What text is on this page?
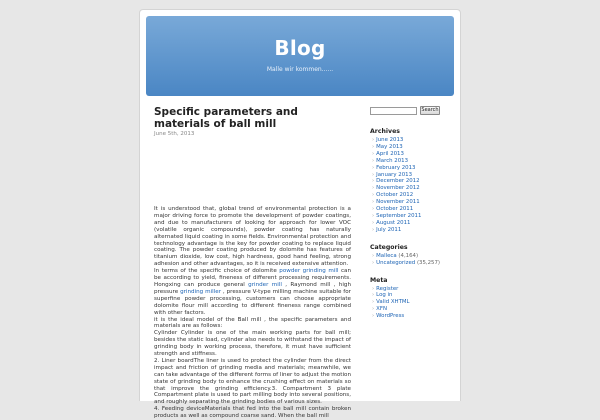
Blog
Malle wir kommen......
Specific parameters and materials of ball mill
June 5th, 2013

It is understood that, global trend of environmental protection is a major driving force to promote the development of powder coatings, and due to manufacturers of looking for approach for lower VOC (volatile organic compounds), powder coating has naturally alternated liquid coating in some fields. Environmental protection and technology advantage is the key for powder coating to replace liquid coating. The powder coating produced by dolomite has features of titanium dioxide, low cost, high hardness, good hand feeling, strong adhesion and other advantages, so it is received extensive attention.

In terms of the specific choice of dolomite powder grinding mill can be according to yield, fineness of different processing requirements. Hongxing can produce general grinder mill , Raymond mill , high pressure grinding miller , pressure V-type milling machine suitable for superfine powder processing, customers can choose appropriate dolomite flour mill according to different fineness range combined with other factors.

it is the ideal model of the Ball mill , the specific parameters and materials are as follows:

Cylinder Cylinder is one of the main working parts for ball mill; besides the static load, cylinder also needs to withstand the impact of grinding body in working process, therefore, it must have sufficient strength and stiffness.

2. Liner boardThe liner is used to protect the cylinder from the direct impact and friction of grinding media and materials; meanwhile, we can take advantage of the different forms of liner to adjust the motion state of grinding body to enhance the crushing effect on materials so that improve the grinding efficiency.3. Compartment 3 plate Compartment plate is used to part milling body into several positions, and roughly separating the grinding bodies of various sizes.

4. Feeding deviceMaterials that fed into the ball mill contain broken products as well as compound coarse sand. When the ball mill

Search
Archives
› June 2013
› May 2013
› April 2013
› March 2013
› February 2013
› January 2013
› December 2012
› November 2012
› October 2012
› November 2011
› October 2011
› September 2011
› August 2011
› July 2011
Categories
› Malleca (4,164)
› Uncategorized (35,257)
Meta
› Register
› Log in
› Valid XHTML
› XFN
› WordPress
